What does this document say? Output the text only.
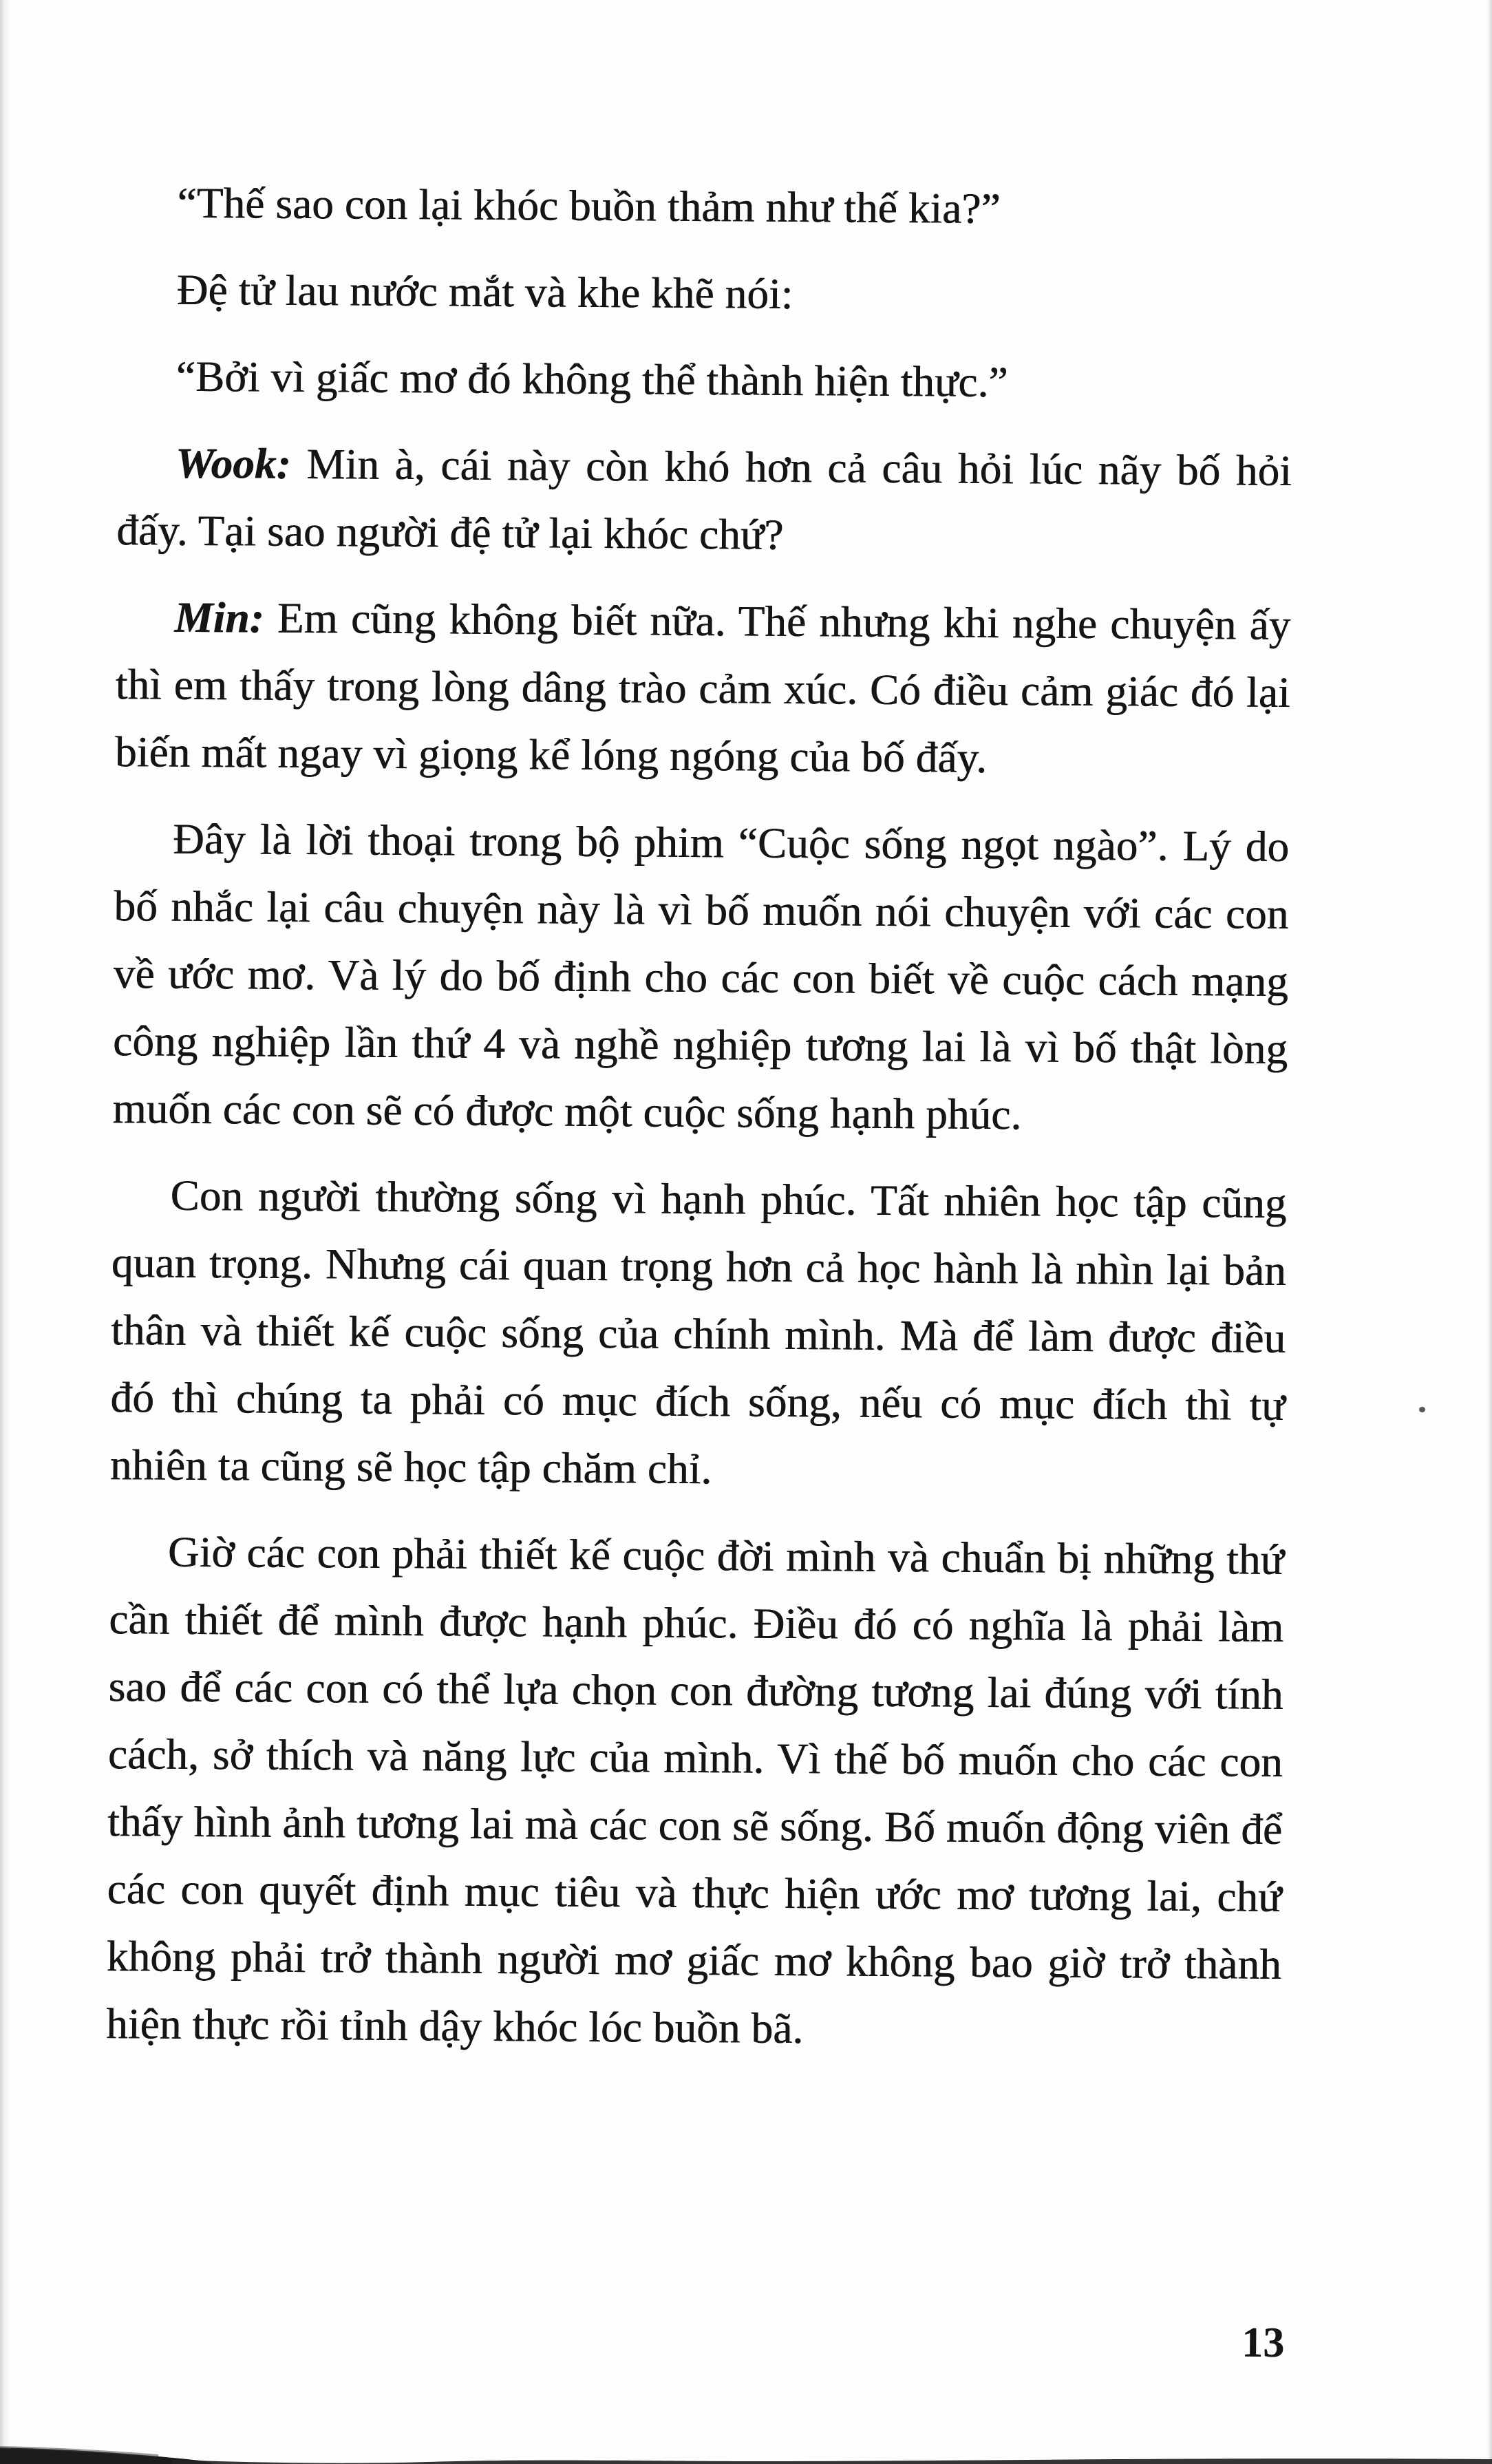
“Thế sao con lại khóc buồn thảm như thế kia?”

Đệ tử lau nước mắt và khe khẽ nói:

“Bởi vì giấc mơ đó không thể thành hiện thực.”

Wook: Min à, cái này còn khó hơn cả câu hỏi lúc nãy bố hỏi đấy. Tại sao người đệ tử lại khóc chứ?

Min: Em cũng không biết nữa. Thế nhưng khi nghe chuyện ấy thì em thấy trong lòng dâng trào cảm xúc. Có điều cảm giác đó lại biến mất ngay vì giọng kể lóng ngóng của bố đấy.

Đây là lời thoại trong bộ phim “Cuộc sống ngọt ngào”. Lý do bố nhắc lại câu chuyện này là vì bố muốn nói chuyện với các con về ước mơ. Và lý do bố định cho các con biết về cuộc cách mạng công nghiệp lần thứ 4 và nghề nghiệp tương lai là vì bố thật lòng muốn các con sẽ có được một cuộc sống hạnh phúc.

Con người thường sống vì hạnh phúc. Tất nhiên học tập cũng quan trọng. Nhưng cái quan trọng hơn cả học hành là nhìn lại bản thân và thiết kế cuộc sống của chính mình. Mà để làm được điều đó thì chúng ta phải có mục đích sống, nếu có mục đích thì tự nhiên ta cũng sẽ học tập chăm chỉ.

Giờ các con phải thiết kế cuộc đời mình và chuẩn bị những thứ cần thiết để mình được hạnh phúc. Điều đó có nghĩa là phải làm sao để các con có thể lựa chọn con đường tương lai đúng với tính cách, sở thích và năng lực của mình. Vì thế bố muốn cho các con thấy hình ảnh tương lai mà các con sẽ sống. Bố muốn động viên để các con quyết định mục tiêu và thực hiện ước mơ tương lai, chứ không phải trở thành người mơ giấc mơ không bao giờ trở thành hiện thực rồi tỉnh dậy khóc lóc buồn bã.

13
